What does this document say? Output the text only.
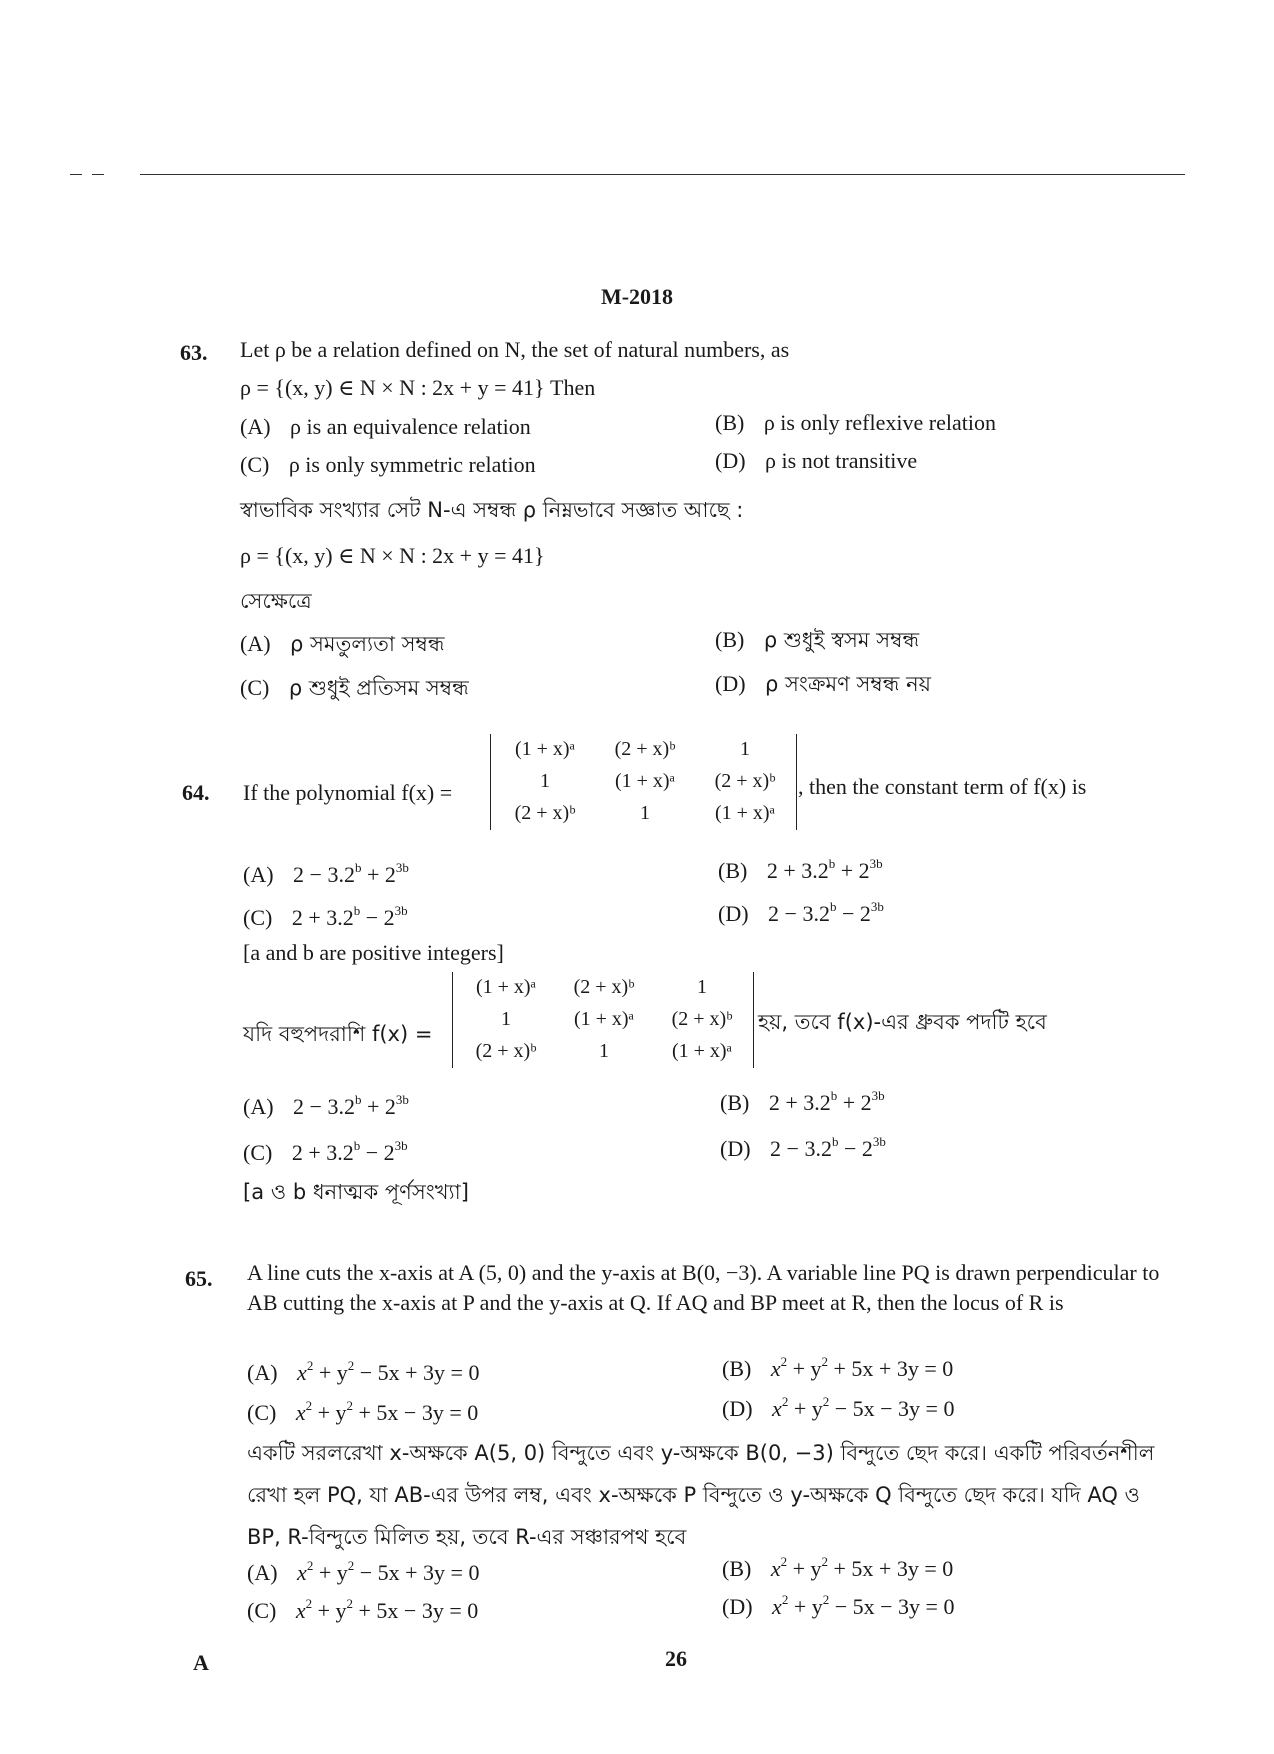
M-2018
63. Let ρ be a relation defined on N, the set of natural numbers, as
ρ = {(x, y) ∈ N × N : 2x + y = 41} Then
(A) ρ is an equivalence relation	(B) ρ is only reflexive relation
(C) ρ is only symmetric relation	(D) ρ is not transitive
স্বাভাবিক সংখ্যার সেট N-এ সম্বন্ধ ρ নিম্নভাবে সজ্ঞাত আছে :
ρ = {(x, y) ∈ N × N : 2x + y = 41}
সেক্ষেত্রে
(A) ρ সমতুল্যতা সম্বন্ধ	(B) ρ শুধুই স্বসম সম্বন্ধ
(C) ρ শুধুই প্রতিসম সম্বন্ধ	(D) ρ সংক্রমণ সম্বন্ধ নয়
64. If the polynomial f(x) =
(1 + x)ᵃ	(2 + x)ᵇ	1
1	(1 + x)ᵃ	(2 + x)ᵇ
(2 + x)ᵇ	1	(1 + x)ᵃ
, then the constant term of f(x) is
(A) $2 - 3.2^b + 2^{3b}$	(B) $2 + 3.2^b + 2^{3b}$
(C) $2 + 3.2^b - 2^{3b}$	(D) $2 - 3.2^b - 2^{3b}$
[a and b are positive integers]
যদি বহুপদরাশি f(x) =
(1 + x)ᵃ	(2 + x)ᵇ	1
1	(1 + x)ᵃ	(2 + x)ᵇ
(2 + x)ᵇ	1	(1 + x)ᵃ
হয়, তবে f(x)-এর ধ্রুবক পদটি হবে
(A) $2 - 3.2^b + 2^{3b}$	(B) $2 + 3.2^b + 2^{3b}$
(C) $2 + 3.2^b - 2^{3b}$	(D) $2 - 3.2^b - 2^{3b}$
[a ও b ধনাত্মক পূর্ণসংখ্যা]
65. A line cuts the x-axis at A (5, 0) and the y-axis at B(0, −3). A variable line PQ is drawn perpendicular to AB cutting the x-axis at P and the y-axis at Q. If AQ and BP meet at R, then the locus of R is
(A) $x^2 + y^2 - 5x + 3y = 0$	(B) $x^2 + y^2 + 5x + 3y = 0$
(C) $x^2 + y^2 + 5x - 3y = 0$	(D) $x^2 + y^2 - 5x - 3y = 0$
একটি সরলরেখা x-অক্ষকে A(5, 0) বিন্দুতে এবং y-অক্ষকে B(0, −3) বিন্দুতে ছেদ করে। একটি পরিবর্তনশীল রেখা হল PQ, যা AB-এর উপর লম্ব, এবং x-অক্ষকে P বিন্দুতে ও y-অক্ষকে Q বিন্দুতে ছেদ করে। যদি AQ ও BP, R-বিন্দুতে মিলিত হয়, তবে R-এর সঞ্চারপথ হবে
(A) $x^2 + y^2 - 5x + 3y = 0$	(B) $x^2 + y^2 + 5x + 3y = 0$
(C) $x^2 + y^2 + 5x - 3y = 0$	(D) $x^2 + y^2 - 5x - 3y = 0$
A	26
